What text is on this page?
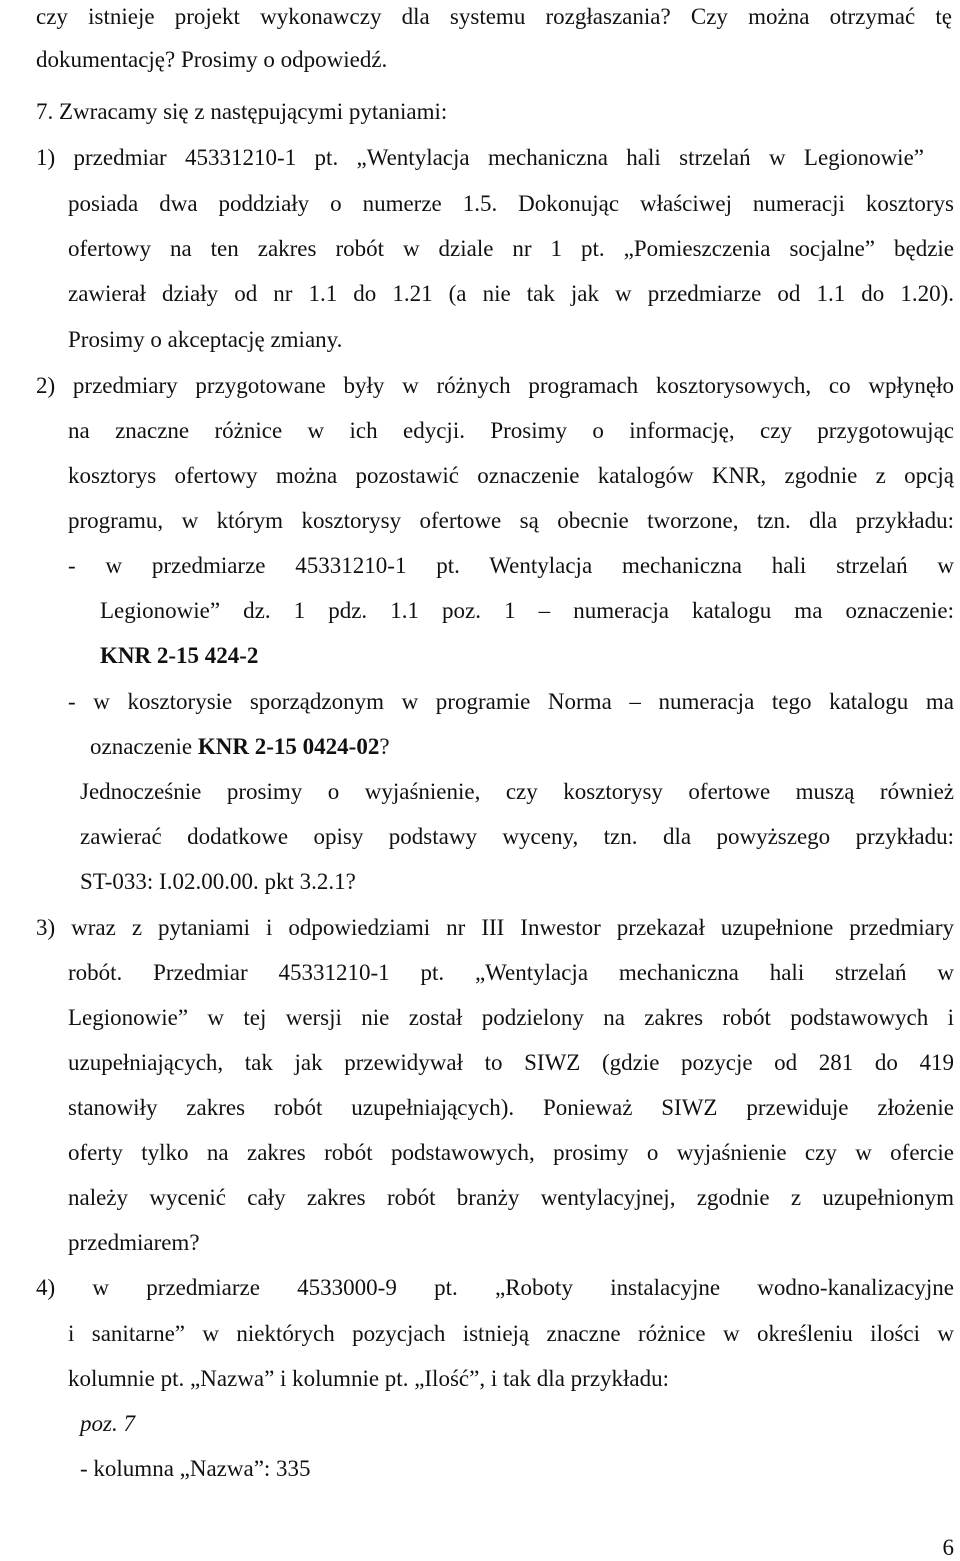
czy istnieje projekt wykonawczy dla systemu rozgłaszania? Czy można otrzymać tę

dokumentację? Prosimy o odpowiedź.

7. Zwracamy się z następującymi pytaniami:

1) przedmiar 45331210-1 pt. „Wentylacja mechaniczna hali strzelań w Legionowie”

posiada dwa poddziały o numerze 1.5. Dokonując właściwej numeracji kosztorys

ofertowy na ten zakres robót w dziale nr 1 pt. „Pomieszczenia socjalne” będzie

zawierał działy od nr 1.1 do 1.21 (a nie tak jak w przedmiarze od 1.1 do 1.20).

Prosimy o akceptację zmiany.

2) przedmiary przygotowane były w różnych programach kosztorysowych, co wpłynęło

na znaczne różnice w ich edycji. Prosimy o informację, czy przygotowując

kosztorys ofertowy można pozostawić oznaczenie katalogów KNR, zgodnie z opcją

programu, w którym kosztorysy ofertowe są obecnie tworzone, tzn. dla przykładu:

- w przedmiarze 45331210-1 pt. Wentylacja mechaniczna hali strzelań w

Legionowie” dz. 1 pdz. 1.1 poz. 1 – numeracja katalogu ma oznaczenie:

KNR 2-15 424-2

- w kosztorysie sporządzonym w programie Norma – numeracja tego katalogu ma

oznaczenie KNR 2-15 0424-02?

Jednocześnie prosimy o wyjaśnienie, czy kosztorysy ofertowe muszą również

zawierać dodatkowe opisy podstawy wyceny, tzn. dla powyższego przykładu:

ST-033: I.02.00.00. pkt 3.2.1?

3) wraz z pytaniami i odpowiedziami nr III Inwestor przekazał uzupełnione przedmiary

robót. Przedmiar 45331210-1 pt. „Wentylacja mechaniczna hali strzelań w

Legionowie” w tej wersji nie został podzielony na zakres robót podstawowych i

uzupełniających, tak jak przewidywał to SIWZ (gdzie pozycje od 281 do 419

stanowiły zakres robót uzupełniających). Ponieważ SIWZ przewiduje złożenie

oferty tylko na zakres robót podstawowych, prosimy o wyjaśnienie czy w ofercie

należy wycenić cały zakres robót branży wentylacyjnej, zgodnie z uzupełnionym

przedmiarem?

4) w przedmiarze 4533000-9 pt. „Roboty instalacyjne wodno-kanalizacyjne

i sanitarne” w niektórych pozycjach istnieją znaczne różnice w określeniu ilości w

kolumnie pt. „Nazwa” i kolumnie pt. „Ilość”, i tak dla przykładu:

poz. 7

- kolumna „Nazwa”: 335

6
